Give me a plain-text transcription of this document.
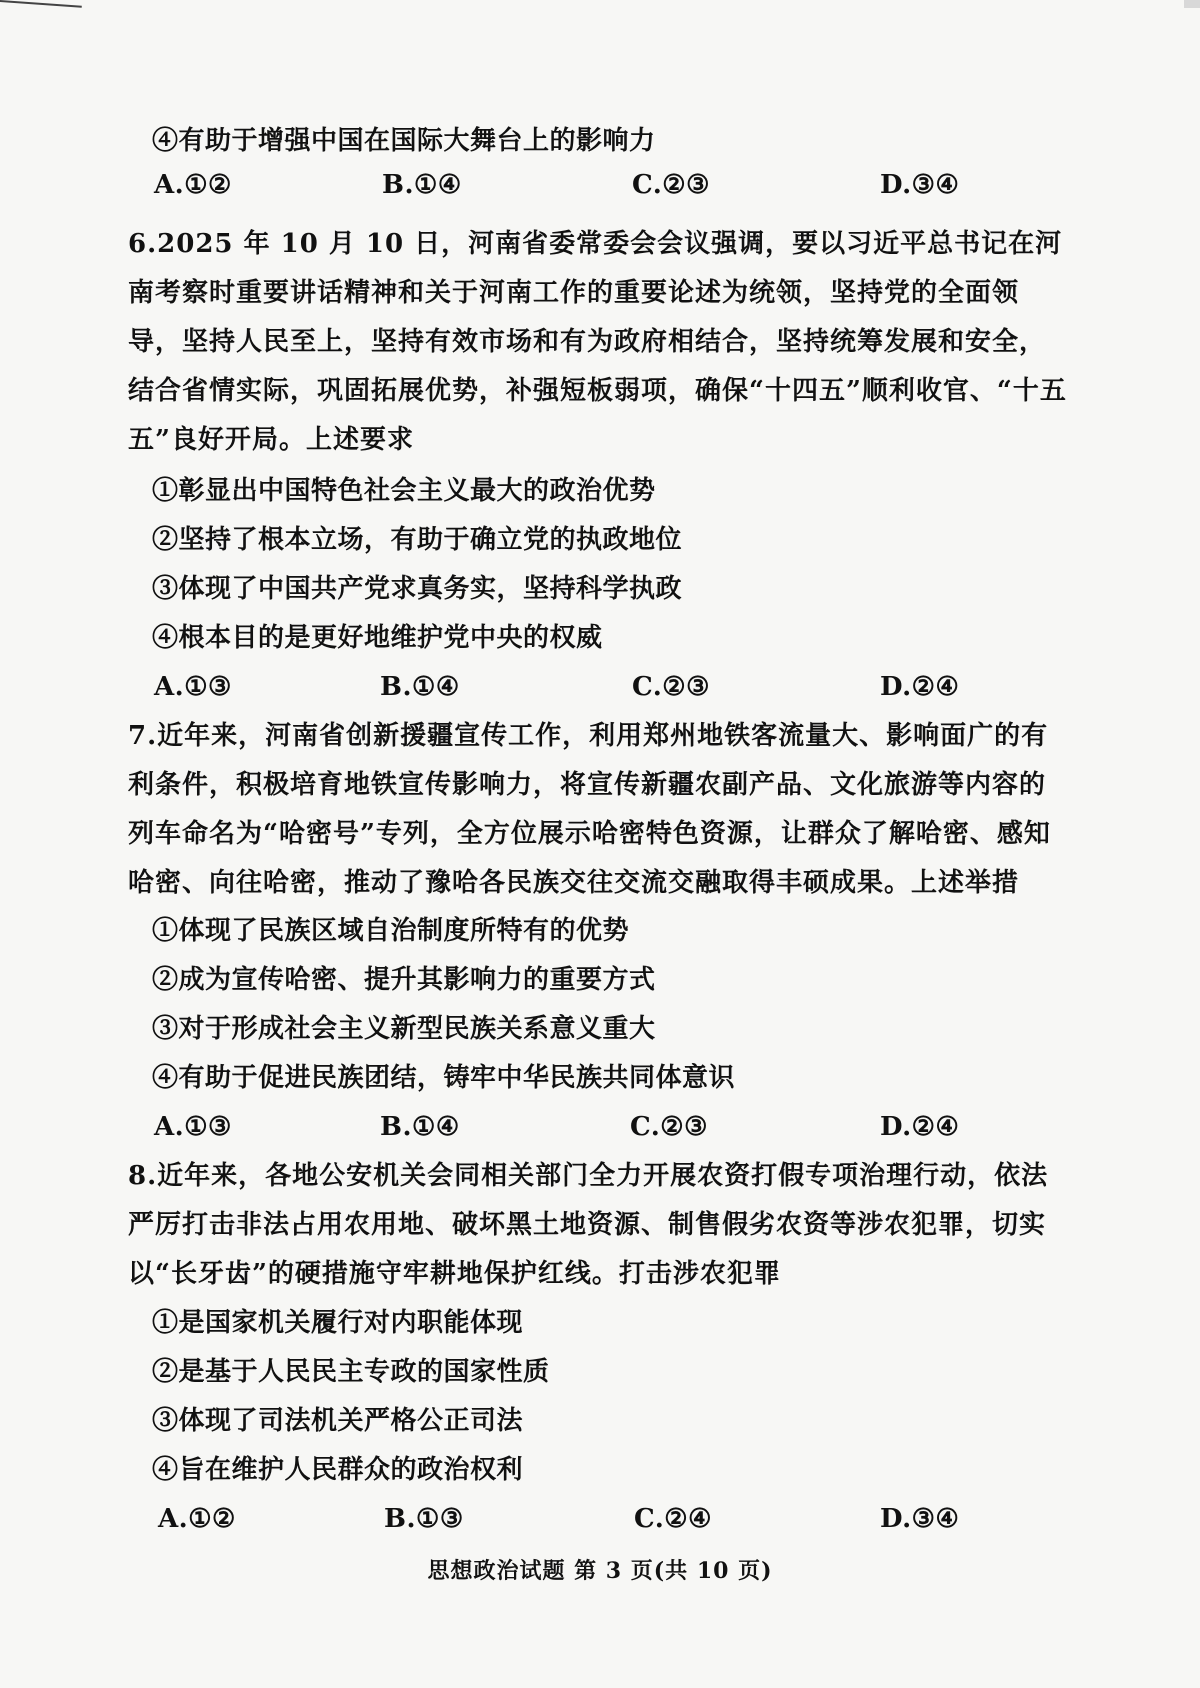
④有助于增强中国在国际大舞台上的影响力
A.①②	B.①④	C.②③	D.③④
6.2025 年 10 月 10 日，河南省委常委会会议强调，要以习近平总书记在河南考察时重要讲话精神和关于河南工作的重要论述为统领，坚持党的全面领导，坚持人民至上，坚持有效市场和有为政府相结合，坚持统筹发展和安全，结合省情实际，巩固拓展优势，补强短板弱项，确保“十四五”顺利收官、“十五五”良好开局。上述要求
①彰显出中国特色社会主义最大的政治优势
②坚持了根本立场，有助于确立党的执政地位
③体现了中国共产党求真务实，坚持科学执政
④根本目的是更好地维护党中央的权威
A.①③	B.①④	C.②③	D.②④
7.近年来，河南省创新援疆宣传工作，利用郑州地铁客流量大、影响面广的有利条件，积极培育地铁宣传影响力，将宣传新疆农副产品、文化旅游等内容的列车命名为“哈密号”专列，全方位展示哈密特色资源，让群众了解哈密、感知哈密、向往哈密，推动了豫哈各民族交往交流交融取得丰硕成果。上述举措
①体现了民族区域自治制度所特有的优势
②成为宣传哈密、提升其影响力的重要方式
③对于形成社会主义新型民族关系意义重大
④有助于促进民族团结，铸牢中华民族共同体意识
A.①③	B.①④	C.②③	D.②④
8.近年来，各地公安机关会同相关部门全力开展农资打假专项治理行动，依法严厉打击非法占用农用地、破坏黑土地资源、制售假劣农资等涉农犯罪，切实以“长牙齿”的硬措施守牢耕地保护红线。打击涉农犯罪
①是国家机关履行对内职能体现
②是基于人民民主专政的国家性质
③体现了司法机关严格公正司法
④旨在维护人民群众的政治权利
A.①②	B.①③	C.②④	D.③④
思想政治试题 第 3 页(共 10 页)
